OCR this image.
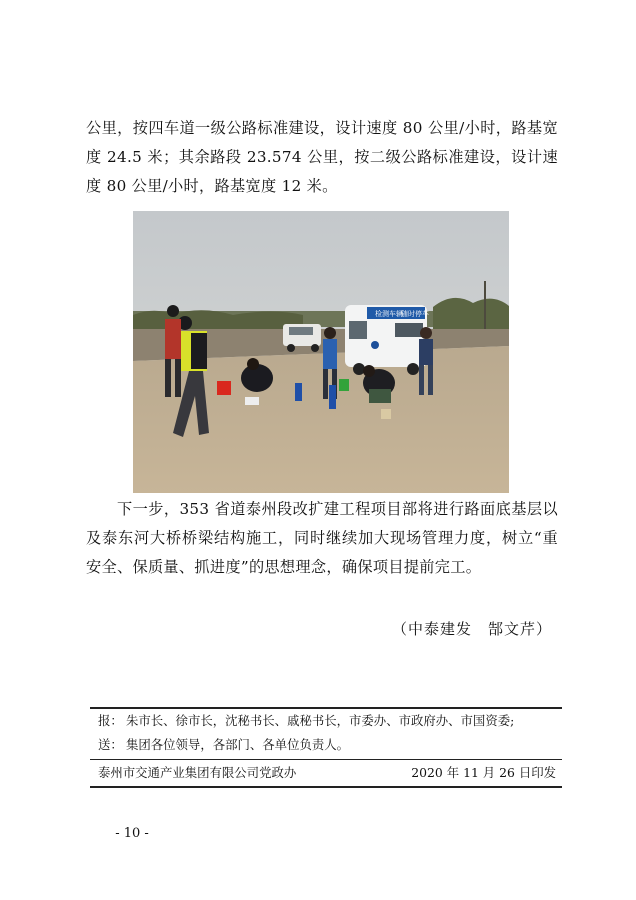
公里，按四车道一级公路标准建设，设计速度 80 公里/小时，路基宽度 24.5 米；其余路段 23.574 公里，按二级公路标准建设，设计速度 80 公里/小时，路基宽度 12 米。

检测车辆
随时停车

下一步，353 省道泰州段改扩建工程项目部将进行路面底基层以及泰东河大桥桥梁结构施工，同时继续加大现场管理力度，树立“重安全、保质量、抓进度”的思想理念，确保项目提前完工。

（中泰建发　郜文芹）
报： 朱市长、徐市长，沈秘书长、戚秘书长，市委办、市政府办、市国资委;
送： 集团各位领导，各部门、各单位负责人。
泰州市交通产业集团有限公司党政办	2020 年 11 月 26 日印发
- 10 -
